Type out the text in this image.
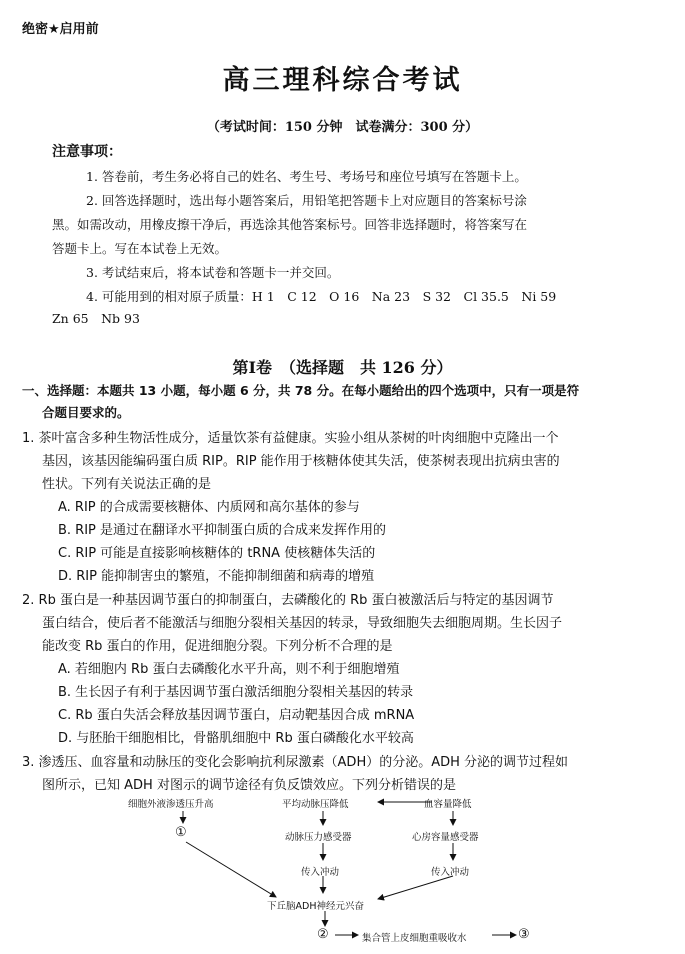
绝密★启用前
高三理科综合考试
（考试时间：150 分钟　试卷满分：300 分）
注意事项：
1. 答卷前，考生务必将自己的姓名、考生号、考场号和座位号填写在答题卡上。
2. 回答选择题时，选出每小题答案后，用铅笔把答题卡上对应题目的答案标号涂
黑。如需改动，用橡皮擦干净后，再选涂其他答案标号。回答非选择题时，将答案写在
答题卡上。写在本试卷上无效。
3. 考试结束后，将本试卷和答题卡一并交回。
4. 可能用到的相对原子质量：H 1　C 12　O 16　Na 23　S 32　Cl 35.5　Ni 59
Zn 65　Nb 93
第Ⅰ卷　（选择题　共 126 分）
一、选择题：本题共 13 小题，每小题 6 分，共 78 分。在每小题给出的四个选项中，只有一项是符
合题目要求的。
1. 茶叶富含多种生物活性成分，适量饮茶有益健康。实验小组从茶树的叶肉细胞中克隆出一个
基因，该基因能编码蛋白质 RIP。RIP 能作用于核糖体使其失活，使茶树表现出抗病虫害的
性状。下列有关说法正确的是
A. RIP 的合成需要核糖体、内质网和高尔基体的参与
B. RIP 是通过在翻译水平抑制蛋白质的合成来发挥作用的
C. RIP 可能是直接影响核糖体的 tRNA 使核糖体失活的
D. RIP 能抑制害虫的繁殖，不能抑制细菌和病毒的增殖
2. Rb 蛋白是一种基因调节蛋白的抑制蛋白，去磷酸化的 Rb 蛋白被激活后与特定的基因调节
蛋白结合，使后者不能激活与细胞分裂相关基因的转录，导致细胞失去细胞周期。生长因子
能改变 Rb 蛋白的作用，促进细胞分裂。下列分析不合理的是
A. 若细胞内 Rb 蛋白去磷酸化水平升高，则不利于细胞增殖
B. 生长因子有利于基因调节蛋白激活细胞分裂相关基因的转录
C. Rb 蛋白失活会释放基因调节蛋白，启动靶基因合成 mRNA
D. 与胚胎干细胞相比，骨骼肌细胞中 Rb 蛋白磷酸化水平较高
3. 渗透压、血容量和动脉压的变化会影响抗利尿激素（ADH）的分泌。ADH 分泌的调节过程如
图所示，已知 ADH 对图示的调节途径有负反馈效应。下列分析错误的是
细胞外液渗透压升高	平均动脉压降低	血容量降低
①	动脉压力感受器	心房容量感受器
传入冲动	传入冲动
下丘脑ADH神经元兴奋
②	集合管上皮细胞重吸收水	③
